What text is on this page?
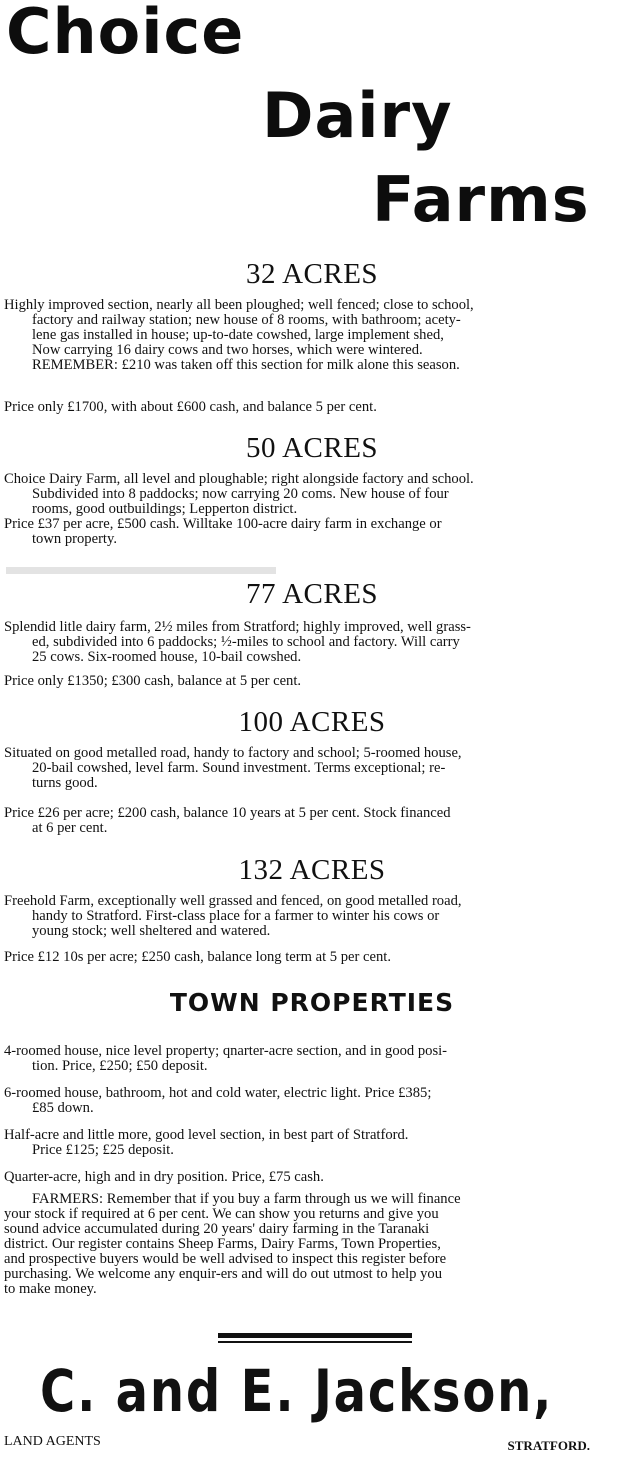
Choice
Dairy
Farms
32 ACRES
Highly improved section, nearly all been ploughed; well fenced; close to school,
factory and railway station; new house of 8 rooms, with bathroom; acety-
lene gas installed in house; up-to-date cowshed, large implement shed,
Now carrying 16 dairy cows and two horses, which were wintered.
REMEMBER: £210 was taken off this section for milk alone this season.
Price only £1700, with about £600 cash, and balance 5 per cent.
50 ACRES
Choice Dairy Farm, all level and ploughable; right alongside factory and school.
Subdivided into 8 paddocks; now carrying 20 coms. New house of four
rooms, good outbuildings; Lepperton district.
Price £37 per acre, £500 cash. Willtake 100-acre dairy farm in exchange or
town property.
77 ACRES
Splendid litle dairy farm, 2½ miles from Stratford; highly improved, well grass-
ed, subdivided into 6 paddocks; ½-miles to school and factory. Will carry
25 cows. Six-roomed house, 10-bail cowshed.
Price only £1350; £300 cash, balance at 5 per cent.
100 ACRES
Situated on good metalled road, handy to factory and school; 5-roomed house,
20-bail cowshed, level farm. Sound investment. Terms exceptional; re-
turns good.
Price £26 per acre; £200 cash, balance 10 years at 5 per cent. Stock financed
at 6 per cent.
132 ACRES
Freehold Farm, exceptionally well grassed and fenced, on good metalled road,
handy to Stratford. First-class place for a farmer to winter his cows or
young stock; well sheltered and watered.
Price £12 10s per acre; £250 cash, balance long term at 5 per cent.
TOWN PROPERTIES
4-roomed house, nice level property; qnarter-acre section, and in good posi-
tion. Price, £250; £50 deposit.
6-roomed house, bathroom, hot and cold water, electric light. Price £385;
£85 down.
Half-acre and little more, good level section, in best part of Stratford.
Price £125; £25 deposit.
Quarter-acre, high and in dry position. Price, £75 cash.
FARMERS: Remember that if you buy a farm through us we will finance
your stock if required at 6 per cent. We can show you returns and give you
sound advice accumulated during 20 years' dairy farming in the Taranaki
district. Our register contains Sheep Farms, Dairy Farms, Town Properties,
and prospective buyers would be well advised to inspect this register before
purchasing. We welcome any enquir-ers and will do out utmost to help you
to make money.
C. and E. Jackson,
LAND AGENTS	STRATFORD.
